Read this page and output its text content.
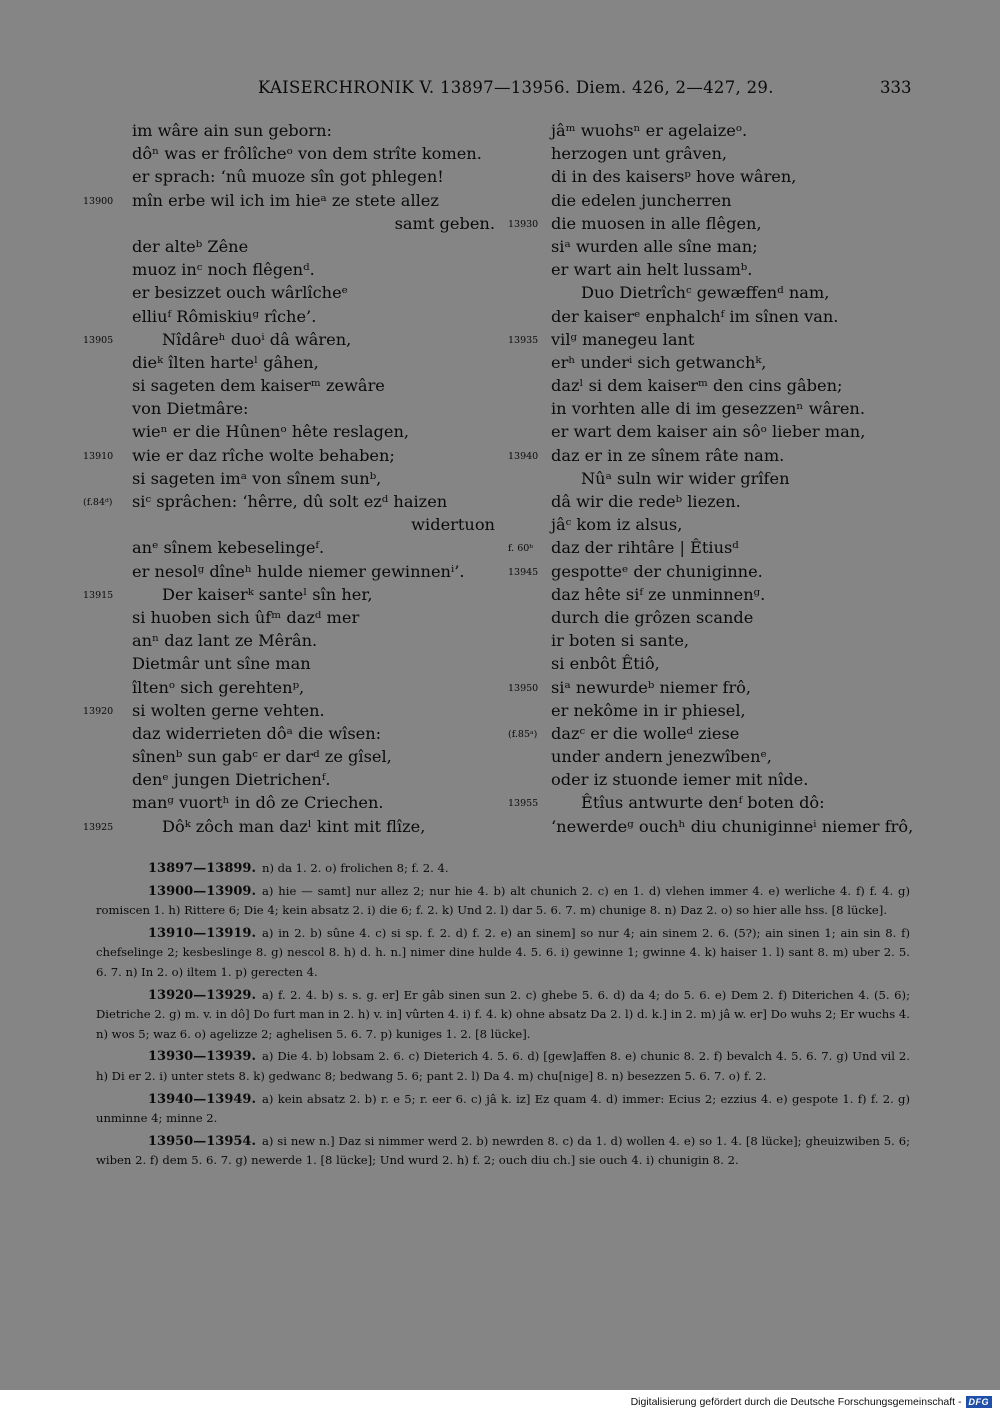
KAISERCHRONIK V. 13897—13956. Diem. 426, 2—427, 29.	333
im wâre ain sun geborn:
dôⁿ was er frôlîcheᵒ von dem strîte komen.
er sprach: ‘nû muoze sîn got phlegen!
13900	mîn erbe wil ich im hieᵃ ze stete allez
samt geben.
der alteᵇ Zêne
muoz inᶜ noch flêgenᵈ.
er besizzet ouch wârlîcheᵉ
elliuᶠ Rômiskiuᵍ rîche’.
13905	Nîdâreʰ duoⁱ dâ wâren,
dieᵏ îlten harteˡ gâhen,
si sageten dem kaiserᵐ zewâre
von Dietmâre:
wieⁿ er die Hûnenᵒ hête reslagen,
13910	wie er daz rîche wolte behaben;
si sageten imᵃ von sînem sunᵇ,
(f.84ᵈ)	siᶜ sprâchen: ‘hêrre, dû solt ezᵈ haizen
widertuon
anᵉ sînem kebeselingeᶠ.
er nesolᵍ dîneʰ hulde niemer gewinnenⁱ’.
13915	Der kaiserᵏ santeˡ sîn her,
si huoben sich ûfᵐ dazᵈ mer
anⁿ daz lant ze Mêrân.
Dietmâr unt sîne man
îltenᵒ sich gerehtenᵖ,
13920	si wolten gerne vehten.
daz widerrieten dôᵃ die wîsen:
sînenᵇ sun gabᶜ er darᵈ ze gîsel,
denᵉ jungen Dietrichenᶠ.
manᵍ vuortʰ in dô ze Criechen.
13925	Dôᵏ zôch man dazˡ kint mit flîze,
jâᵐ wuohsⁿ er agelaizeᵒ.
herzogen unt grâven,
di in des kaisersᵖ hove wâren,
die edelen juncherren
13930 die muosen in alle flêgen,
siᵃ wurden alle sîne man;
er wart ain helt lussamᵇ.
Duo Dietrîchᶜ gewæffenᵈ nam,
der kaiserᵉ enphalchᶠ im sînen van.
13935 vilᵍ manegeu lant
erʰ underⁱ sich getwanchᵏ,
dazˡ si dem kaiserᵐ den cins gâben;
in vorhten alle di im gesezzenⁿ wâren.
er wart dem kaiser ain sôᵒ lieber man,
13940 daz er in ze sînem râte nam.
Nûᵃ suln wir wider grîfen
dâ wir die redeᵇ liezen.
jâᶜ kom iz alsus,
f. 60ᵇ	daz der rihtâre | Êtiusᵈ
13945 gespotteᵉ der chuniginne.
daz hête siᶠ ze unminnenᵍ.
durch die grôzen scande
ir boten si sante,
si enbôt Êtiô,
13950 siᵃ newurdeᵇ niemer frô,
er nekôme in ir phiesel,
(f.85ᵃ) dazᶜ er die wolleᵈ ziese
under andern jenezwîbenᵉ,
oder iz stuonde iemer mit nîde.
13955	Êtîus antwurte denᶠ boten dô:
‘newerdeᵍ ouchʰ diu chuniginneⁱ niemer frô,
13897—13899. n) da 1. 2. o) frolichen 8; f. 2. 4.
13900—13909. a) hie — samt] nur allez 2; nur hie 4. b) alt chunich 2. c) en 1. d) vlehen immer 4. e) werliche 4. f) f. 4. g) romiscen 1. h) Rittere 6; Die 4; kein absatz 2. i) die 6; f. 2. k) Und 2. l) dar 5. 6. 7. m) chunige 8. n) Daz 2. o) so hier alle hss. [8 lücke].
13910—13919. a) in 2. b) sûne 4. c) si sp. f. 2. d) f. 2. e) an sinem] so nur 4; ain sinem 2. 6. (5?); ain sinen 1; ain sin 8. f) chefselinge 2; kesbeslinge 8. g) nescol 8. h) d. h. n.] nimer dine hulde 4. 5. 6. i) gewinne 1; gwinne 4. k) haiser 1. l) sant 8. m) uber 2. 5. 6. 7. n) In 2. o) iltem 1. p) gerecten 4.
13920—13929. a) f. 2. 4. b) s. s. g. er] Er gâb sinen sun 2. c) ghebe 5. 6. d) da 4; do 5. 6. e) Dem 2. f) Diterichen 4. (5. 6); Dietriche 2. g) m. v. in dô] Do furt man in 2. h) v. in] vûrten 4. i) f. 4. k) ohne absatz Da 2. l) d. k.] in 2. m) jâ w. er] Do wuhs 2; Er wuchs 4. n) wos 5; waz 6. o) agelizze 2; aghelisen 5. 6. 7. p) kuniges 1. 2. [8 lücke].
13930—13939. a) Die 4. b) lobsam 2. 6. c) Dieterich 4. 5. 6. d) [gew]affen 8. e) chunic 8. 2. f) bevalch 4. 5. 6. 7. g) Und vil 2. h) Di er 2. i) unter stets 8. k) gedwanc 8; bedwang 5. 6; pant 2. l) Da 4. m) chu[nige] 8. n) besezzen 5. 6. 7. o) f. 2.
13940—13949. a) kein absatz 2. b) r. e 5; r. eer 6. c) jâ k. iz] Ez quam 4. d) immer: Ecius 2; ezzius 4. e) gespote 1. f) f. 2. g) unminne 4; minne 2.
13950—13954. a) si new n.] Daz si nimmer werd 2. b) newrden 8. c) da 1. d) wollen 4. e) so 1. 4. [8 lücke]; gheuizwiben 5. 6; wiben 2. f) dem 5. 6. 7. g) newerde 1. [8 lücke]; Und wurd 2. h) f. 2; ouch diu ch.] sie ouch 4. i) chunigin 8. 2.
Digitalisierung gefördert durch die Deutsche Forschungsgemeinschaft - DFG
